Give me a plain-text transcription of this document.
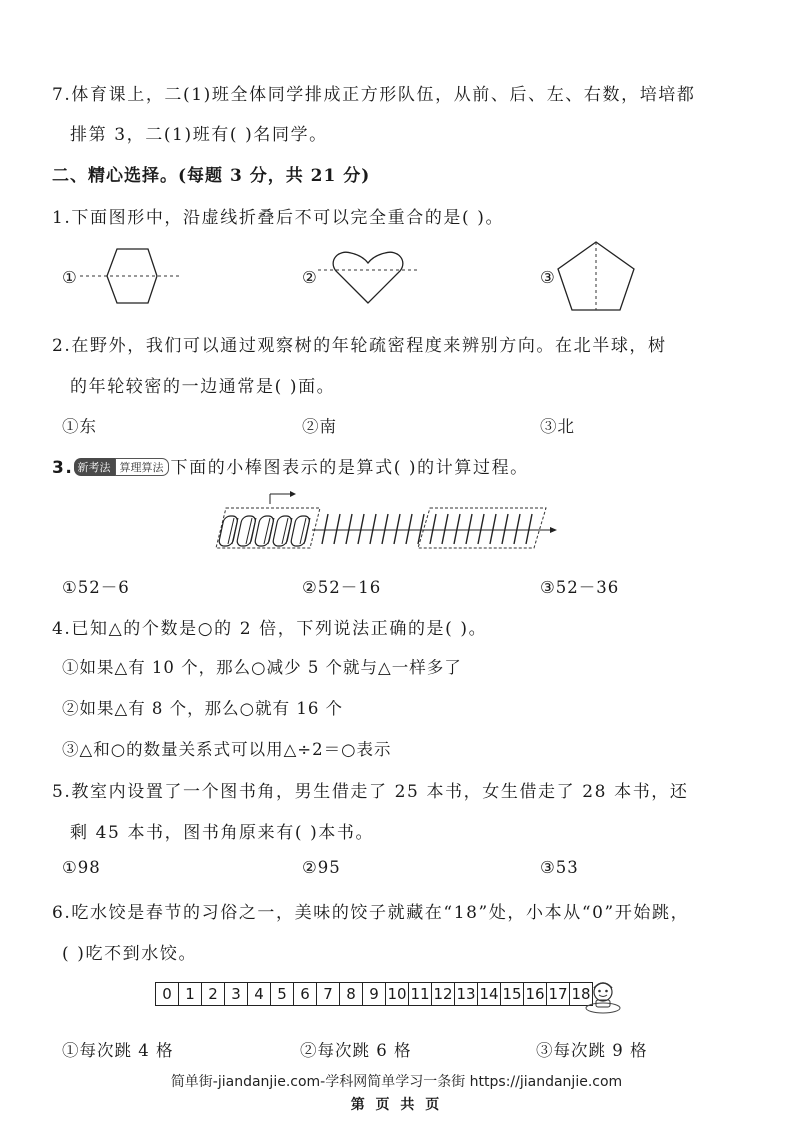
7.体育课上，二(1)班全体同学排成正方形队伍，从前、后、左、右数，培培都
排第 3，二(1)班有( )名同学。
二、精心选择。(每题 3 分，共 21 分)
1.下面图形中，沿虚线折叠后不可以完全重合的是( )。
①	②	③
2.在野外，我们可以通过观察树的年轮疏密程度来辨别方向。在北半球，树
的年轮较密的一边通常是( )面。
①东	②南	③北
3. 新考法 算理算法 下面的小棒图表示的是算式( )的计算过程。
①52－6	②52－16	③52－36
4.已知△的个数是○的 2 倍，下列说法正确的是( )。
①如果△有 10 个，那么○减少 5 个就与△一样多了
②如果△有 8 个，那么○就有 16 个
③△和○的数量关系式可以用△÷2＝○表示
5.教室内设置了一个图书角，男生借走了 25 本书，女生借走了 28 本书，还
剩 45 本书，图书角原来有( )本书。
①98	②95	③53
6.吃水饺是春节的习俗之一，美味的饺子就藏在“18”处，小本从“0”开始跳，
( )吃不到水饺。
0 1 2 3 4 5 6 7 8 9 10 11 12 13 14 15 16 17 18
①每次跳 4 格	②每次跳 6 格	③每次跳 9 格
简单街-jiandanjie.com-学科网简单学习一条街 https://jiandanjie.com
第 页 共 页
